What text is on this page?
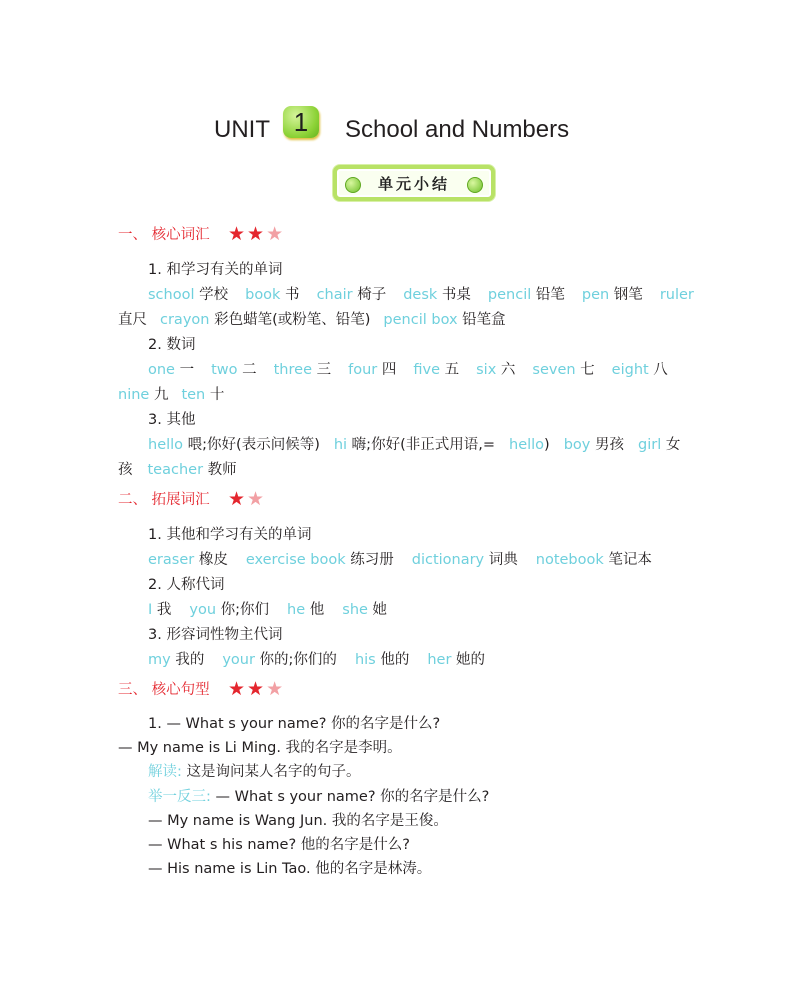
UNIT 1	School and Numbers
单元小结
一、 核心词汇 ★★★
1. 和学习有关的单词
school 学校 book 书 chair 椅子 desk 书桌 pencil 铅笔 pen 钢笔 ruler
直尺 crayon 彩色蜡笔(或粉笔、铅笔) pencil box 铅笔盒
2. 数词
one 一 two 二 three 三 four 四 five 五 six 六 seven 七 eight 八
nine 九 ten 十
3. 其他
hello 喂;你好(表示问候等) hi 嗨;你好(非正式用语,= hello) boy 男孩 girl 女
孩 teacher 教师
二、 拓展词汇 ★★
1. 其他和学习有关的单词
eraser 橡皮 exercise book 练习册 dictionary 词典 notebook 笔记本
2. 人称代词
I 我 you 你;你们 he 他 she 她
3. 形容词性物主代词
my 我的 your 你的;你们的 his 他的 her 她的
三、 核心句型 ★★★
1. — What s your name? 你的名字是什么?
— My name is Li Ming. 我的名字是李明。
解读: 这是询问某人名字的句子。
举一反三: — What s your name? 你的名字是什么?
— My name is Wang Jun. 我的名字是王俊。
— What s his name? 他的名字是什么?
— His name is Lin Tao. 他的名字是林涛。
